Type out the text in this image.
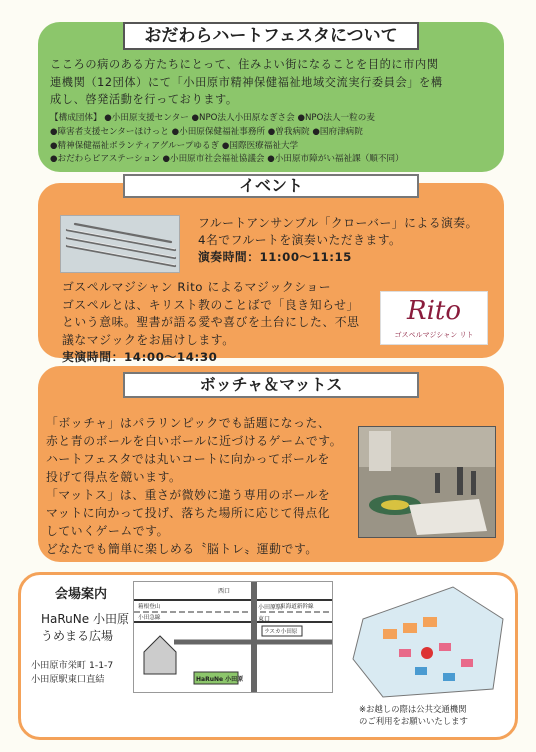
おだわらハートフェスタについて
こころの病のある方たちにとって、住みよい街になることを目的に市内関
連機関（12団体）にて「小田原市精神保健福祉地域交流実行委員会」を構
成し、啓発活動を行っております。
【構成団体】 ●小田原支援センター ●NPO法人小田原なぎさ会 ●NPO法人一粒の麦
●障害者支援センターほけっと ●小田原保健福祉事務所 ●曽我病院 ●国府津病院
●精神保健福祉ボランティアグループゆるぎ ●国際医療福祉大学
●おだわらピアステーション ●小田原市社会福祉協議会 ●小田原市障がい福祉課（順不同）
イベント
フルートアンサンブル「クローバー」による演奏。
4名でフルートを演奏いただきます。
演奏時間：11:00～11:15
ゴスペルマジシャン Rito によるマジックショー
ゴスペルとは、キリスト教のことばで「良き知らせ」
という意味。聖書が語る愛や喜びを土台にした、不思
議なマジックをお届けします。
実演時間：14:00～14:30
Rito
ゴスペルマジシャン リト
ボッチャ＆マットス
「ボッチャ」はパラリンピックでも話題になった、
赤と青のボールを白いボールに近づけるゲームです。
ハートフェスタでは丸いコートに向かってボールを
投げて得点を競います。
「マットス」は、重さが微妙に違う専用のボールを
マットに向かって投げ、落ちた場所に応じて得点化
していくゲームです。
どなたでも簡単に楽しめる〝脳トレ〟運動です。
会場案内
HaRuNe 小田原
うめまる広場
小田原市栄町 1-1-7
小田原駅東口直結
西口
小田原駅
東口
箱根登山	東海道新幹線
小田急線
ラスカ小田原
HaRuNe 小田原
※お越しの際は公共交通機関
のご利用をお願いいたします
